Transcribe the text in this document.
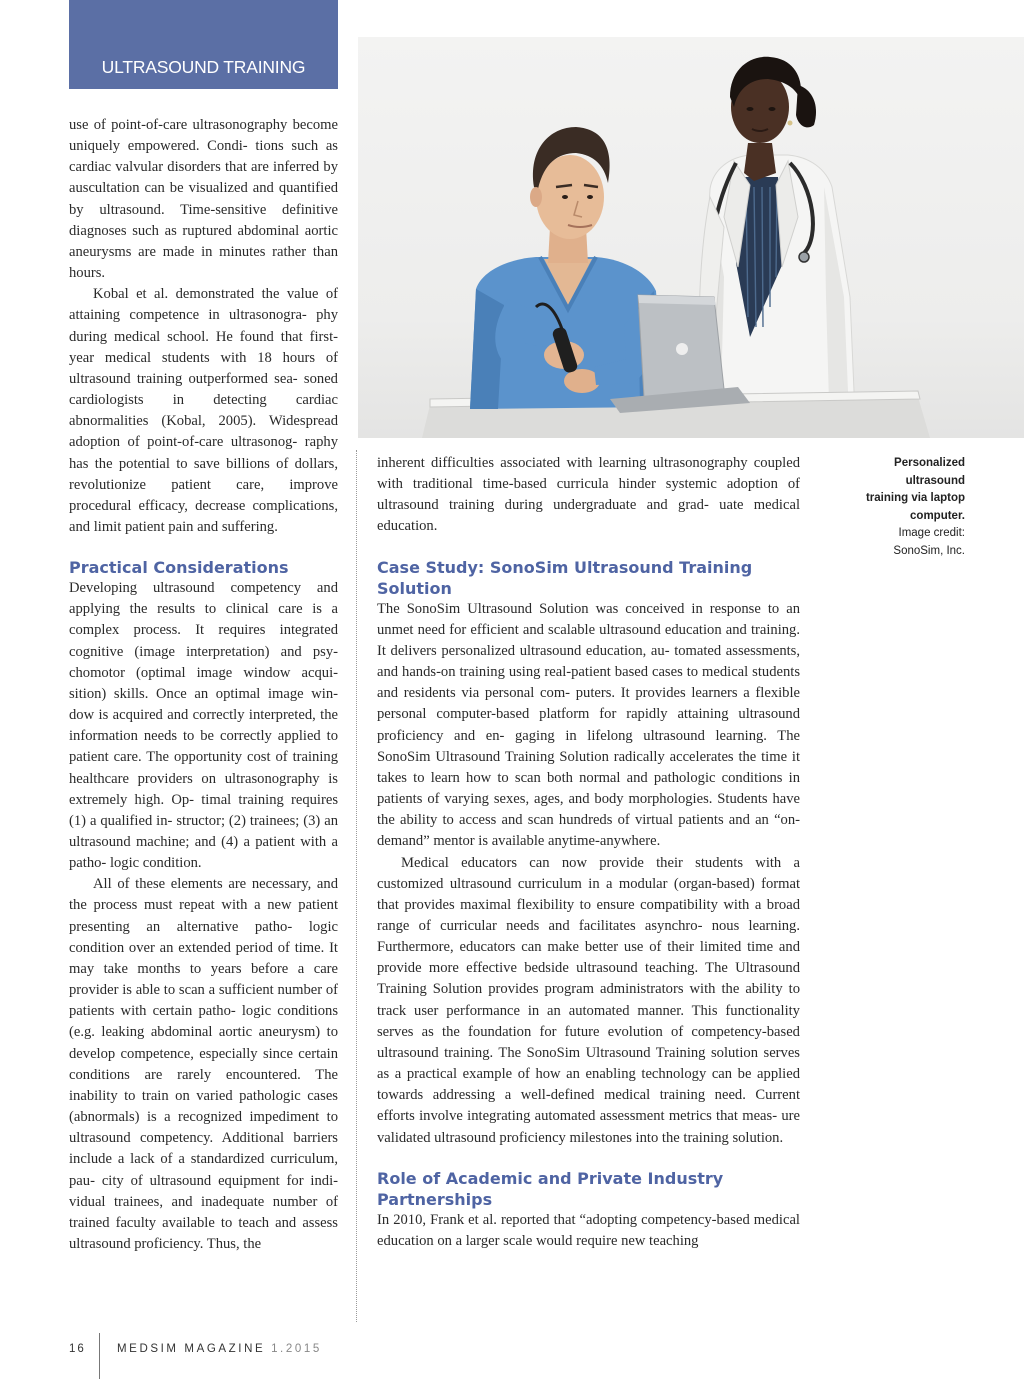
ULTRASOUND TRAINING

use of point-of-care ultrasonography become uniquely empowered. Condi- tions such as cardiac valvular disorders that are inferred by auscultation can be visualized and quantified by ultrasound. Time-sensitive definitive diagnoses such as ruptured abdominal aortic aneurysms are made in minutes rather than hours.

Kobal et al. demonstrated the value of attaining competence in ultrasonogra- phy during medical school. He found that first-year medical students with 18 hours of ultrasound training outperformed sea- soned cardiologists in detecting cardiac abnormalities (Kobal, 2005). Widespread adoption of point-of-care ultrasonog- raphy has the potential to save billions of dollars, revolutionize patient care, improve procedural efficacy, decrease complications, and limit patient pain and suffering.

Practical Considerations

Developing ultrasound competency and applying the results to clinical care is a complex process. It requires integrated cognitive (image interpretation) and psy- chomotor (optimal image window acqui- sition) skills. Once an optimal image win- dow is acquired and correctly interpreted, the information needs to be correctly applied to patient care. The opportunity cost of training healthcare providers on ultrasonography is extremely high. Op- timal training requires (1) a qualified in- structor; (2) trainees; (3) an ultrasound machine; and (4) a patient with a patho- logic condition.

All of these elements are necessary, and the process must repeat with a new patient presenting an alternative patho- logic condition over an extended period of time. It may take months to years before a care provider is able to scan a sufficient number of patients with certain patho- logic conditions (e.g. leaking abdominal aortic aneurysm) to develop competence, especially since certain conditions are rarely encountered. The inability to train on varied pathologic cases (abnormals) is a recognized impediment to ultrasound competency. Additional barriers include a lack of a standardized curriculum, pau- city of ultrasound equipment for indi- vidual trainees, and inadequate number of trained faculty available to teach and assess ultrasound proficiency. Thus, the

inherent difficulties associated with learning ultrasonography coupled with traditional time-based curricula hinder systemic adoption of ultrasound training during undergraduate and grad- uate medical education.

Case Study: SonoSim Ultrasound Training Solution

The SonoSim Ultrasound Solution was conceived in response to an unmet need for efficient and scalable ultrasound education and training. It delivers personalized ultrasound education, au- tomated assessments, and hands-on training using real-patient based cases to medical students and residents via personal com- puters. It provides learners a flexible personal computer-based platform for rapidly attaining ultrasound proficiency and en- gaging in lifelong ultrasound learning. The SonoSim Ultrasound Training Solution radically accelerates the time it takes to learn how to scan both normal and pathologic conditions in patients of varying sexes, ages, and body morphologies. Students have the ability to access and scan hundreds of virtual patients and an “on-demand” mentor is available anytime-anywhere.

Medical educators can now provide their students with a customized ultrasound curriculum in a modular (organ-based) format that provides maximal flexibility to ensure compatibility with a broad range of curricular needs and facilitates asynchro- nous learning. Furthermore, educators can make better use of their limited time and provide more effective bedside ultrasound teaching. The Ultrasound Training Solution provides program administrators with the ability to track user performance in an automated manner. This functionality serves as the foundation for future evolution of competency-based ultrasound training. The SonoSim Ultrasound Training solution serves as a practical example of how an enabling technology can be applied towards addressing a well-defined medical training need. Current efforts involve integrating automated assessment metrics that meas- ure validated ultrasound proficiency milestones into the training solution.

Role of Academic and Private Industry Partnerships

In 2010, Frank et al. reported that “adopting competency-based medical education on a larger scale would require new teaching

Personalized
ultrasound
training via laptop
computer.
Image credit:
SonoSim, Inc.
16	MEDSIM MAGAZINE 1.2015
